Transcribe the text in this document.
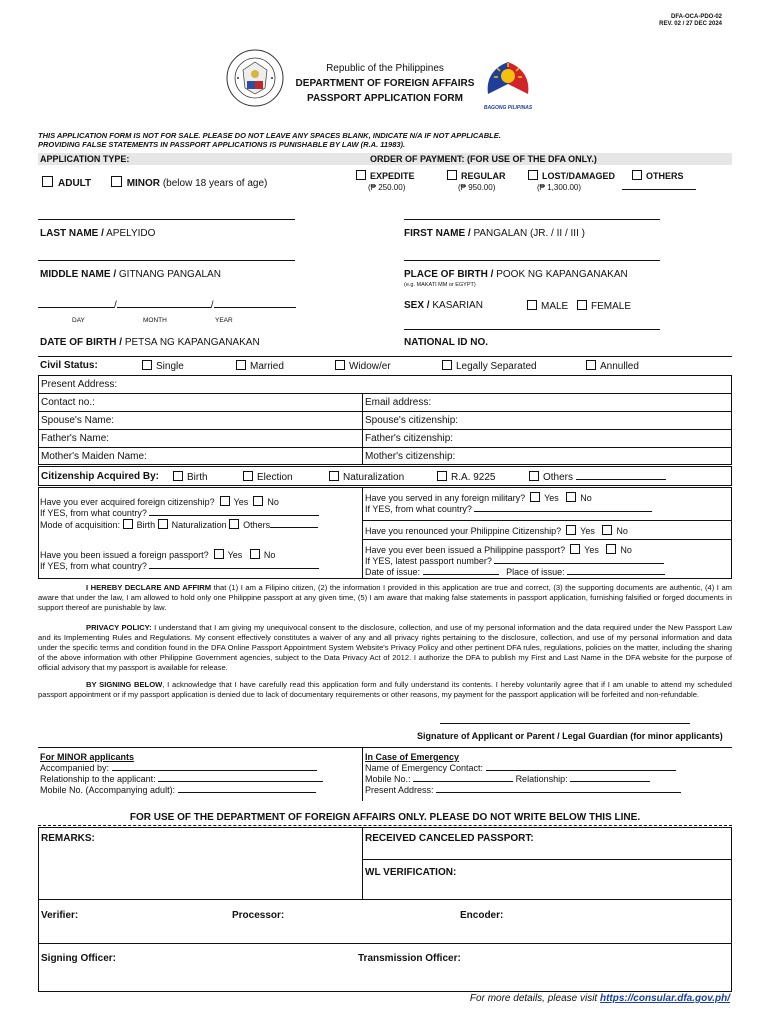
DFA-OCA-PDO-02
REV. 02 / 27 DEC 2024
Republic of the Philippines
DEPARTMENT OF FOREIGN AFFAIRS
PASSPORT APPLICATION FORM
BAGONG PILIPINAS
THIS APPLICATION FORM IS NOT FOR SALE. PLEASE DO NOT LEAVE ANY SPACES BLANK, INDICATE N/A IF NOT APPLICABLE.
PROVIDING FALSE STATEMENTS IN PASSPORT APPLICATIONS IS PUNISHABLE BY LAW (R.A. 11983).
APPLICATION TYPE:	ORDER OF PAYMENT: (FOR USE OF THE DFA ONLY.)
ADULT	MINOR (below 18 years of age)
EXPEDITE
(₱ 250.00)
REGULAR
(₱ 950.00)
LOST/DAMAGED
(₱ 1,300.00)
OTHERS
LAST NAME / APELYIDO	FIRST NAME / PANGALAN (JR. / II / III )
MIDDLE NAME / GITNANG PANGALAN	PLACE OF BIRTH / POOK NG KAPANGANAKAN
(e.g. MAKATI MM or EGYPT)
/	/
DAY	MONTH	YEAR
SEX / KASARIAN	MALE	FEMALE
DATE OF BIRTH / PETSA NG KAPANGANAKAN	NATIONAL ID NO.
Civil Status:	Single	Married	Widow/er	Legally Separated	Annulled
Present Address:
Contact no.:	Email address:
Spouse's Name:	Spouse's citizenship:
Father's Name:	Father's citizenship:
Mother's Maiden Name:	Mother's citizenship:
Citizenship Acquired By:	Birth	Election	Naturalization	R.A. 9225	Others
Have you ever acquired foreign citizenship? Yes No
If YES, from what country?
Mode of acquisition: Birth Naturalization Others
Have you been issued a foreign passport? Yes No
If YES, from what country?
Have you served in any foreign military? Yes No
If YES, from what country?
Have you renounced your Philippine Citizenship? Yes No
Have you ever been issued a Philippine passport? Yes No
If YES, latest passport number?
Date of issue:	Place of issue:
I HEREBY DECLARE AND AFFIRM that (1) I am a Filipino citizen, (2) the information I provided in this application are true and correct, (3) the supporting documents are authentic, (4) I am aware that under the law, I am allowed to hold only one Philippine passport at any given time, (5) I am aware that making false statements in passport application, furnishing falsified or forged documents in support thereof are punishable by law.
PRIVACY POLICY: I understand that I am giving my unequivocal consent to the disclosure, collection, and use of my personal information and the data required under the New Passport Law and its Implementing Rules and Regulations. My consent effectively constitutes a waiver of any and all privacy rights pertaining to the disclosure, collection, and use of my personal information and data under the specific terms and condition found in the DFA Online Passport Appointment System Website's Privacy Policy and other pertinent DFA rules, regulations, policies on the matter, including the sharing of the above information with other Philippine Government agencies, subject to the Data Privacy Act of 2012. I authorize the DFA to publish my First and Last Name in the DFA website for the purpose of official advisory that my passport is available for release.
BY SIGNING BELOW, I acknowledge that I have carefully read this application form and fully understand its contents. I hereby voluntarily agree that if I am unable to attend my scheduled passport appointment or if my passport application is denied due to lack of documentary requirements or other reasons, my payment for the passport application will be forfeited and non-refundable.
Signature of Applicant or Parent / Legal Guardian (for minor applicants)
For MINOR applicants
Accompanied by:
Relationship to the applicant:
Mobile No. (Accompanying adult):
In Case of Emergency
Name of Emergency Contact:
Mobile No.:	Relationship:
Present Address:
FOR USE OF THE DEPARTMENT OF FOREIGN AFFAIRS ONLY. PLEASE DO NOT WRITE BELOW THIS LINE.
REMARKS:	RECEIVED CANCELED PASSPORT:
WL VERIFICATION:
Verifier:	Processor:	Encoder:
Signing Officer:	Transmission Officer:
For more details, please visit https://consular.dfa.gov.ph/
